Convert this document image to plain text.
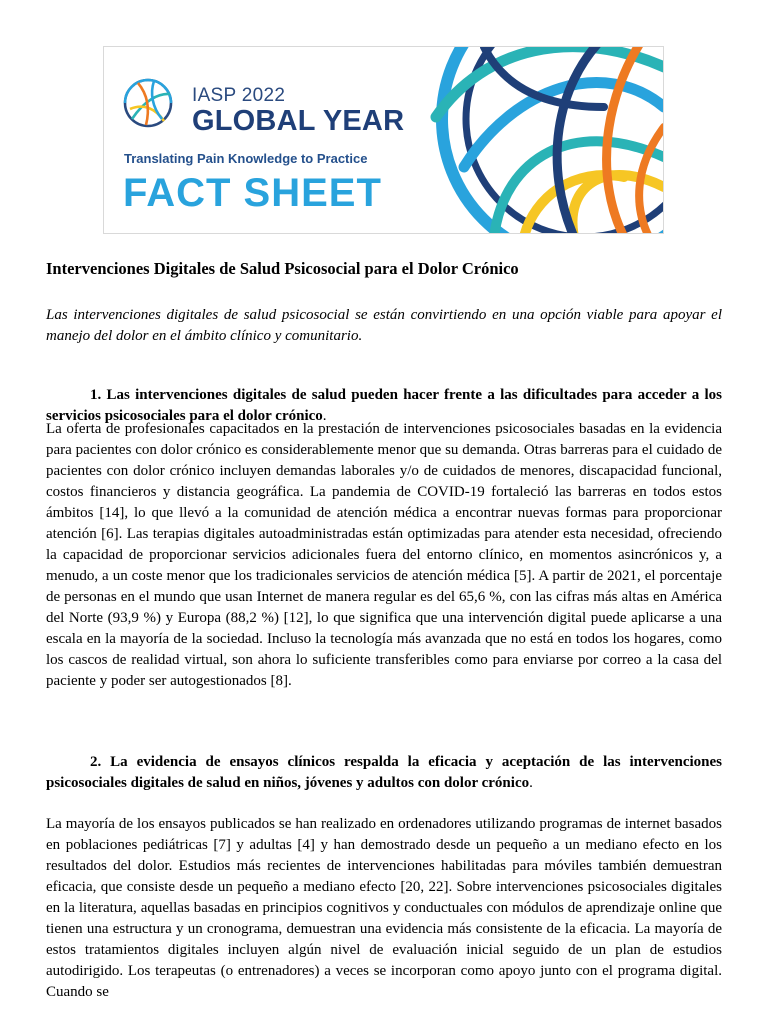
IASP 2022
GLOBAL YEAR
Translating Pain Knowledge to Practice
FACT SHEET
Intervenciones Digitales de Salud Psicosocial para el Dolor Crónico

Las intervenciones digitales de salud psicosocial se están convirtiendo en una opción viable para apoyar el manejo del dolor en el ámbito clínico y comunitario.

1. Las intervenciones digitales de salud pueden hacer frente a las dificultades para acceder a los servicios psicosociales para el dolor crónico.

La oferta de profesionales capacitados en la prestación de intervenciones psicosociales basadas en la evidencia para pacientes con dolor crónico es considerablemente menor que su demanda. Otras barreras para el cuidado de pacientes con dolor crónico incluyen demandas laborales y/o de cuidados de menores, discapacidad funcional, costos financieros y distancia geográfica. La pandemia de COVID-19 fortaleció las barreras en todos estos ámbitos [14], lo que llevó a la comunidad de atención médica a encontrar nuevas formas para proporcionar atención [6]. Las terapias digitales autoadministradas están optimizadas para atender esta necesidad, ofreciendo la capacidad de proporcionar servicios adicionales fuera del entorno clínico, en momentos asincrónicos y, a menudo, a un coste menor que los tradicionales servicios de atención médica [5]. A partir de 2021, el porcentaje de personas en el mundo que usan Internet de manera regular es del 65,6 %, con las cifras más altas en América del Norte (93,9 %) y Europa (88,2 %) [12], lo que significa que una intervención digital puede aplicarse a una escala en la mayoría de la sociedad. Incluso la tecnología más avanzada que no está en todos los hogares, como los cascos de realidad virtual, son ahora lo suficiente transferibles como para enviarse por correo a la casa del paciente y poder ser autogestionados [8].

2. La evidencia de ensayos clínicos respalda la eficacia y aceptación de las intervenciones psicosociales digitales de salud en niños, jóvenes y adultos con dolor crónico.

La mayoría de los ensayos publicados se han realizado en ordenadores utilizando programas de internet basados en poblaciones pediátricas [7] y adultas [4] y han demostrado desde un pequeño a un mediano efecto en los resultados del dolor. Estudios más recientes de intervenciones habilitadas para móviles también demuestran eficacia, que consiste desde un pequeño a mediano efecto [20, 22]. Sobre intervenciones psicosociales digitales en la literatura, aquellas basadas en principios cognitivos y conductuales con módulos de aprendizaje online que tienen una estructura y un cronograma, demuestran una evidencia más consistente de la eficacia. La mayoría de estos tratamientos digitales incluyen algún nivel de evaluación inicial seguido de un plan de estudios autodirigido. Los terapeutas (o entrenadores) a veces se incorporan como apoyo junto con el programa digital. Cuando se
